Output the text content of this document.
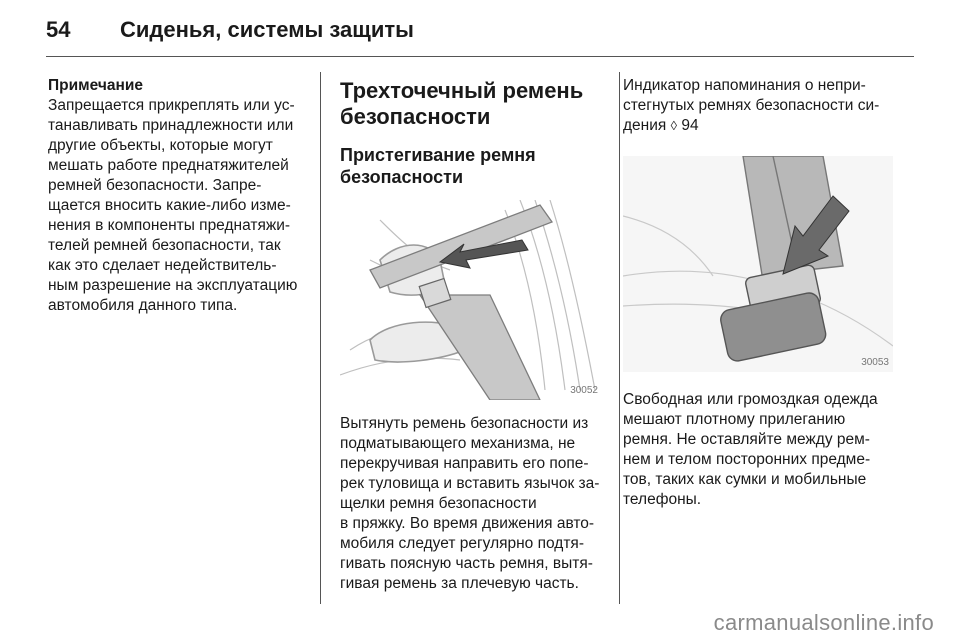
54	Сиденья, системы защиты

Примечание

Запрещается прикреплять или ус‐
танавливать принадлежности или
другие объекты, которые могут
мешать работе преднатяжителей
ремней безопасности. Запре‐
щается вносить какие-либо изме‐
нения в компоненты преднатяжи‐
телей ремней безопасности, так
как это сделает недействитель‐
ным разрешение на эксплуатацию
автомобиля данного типа.

Трехточечный ремень
безопасности
Пристегивание ремня
безопасности
30052

Вытянуть ремень безопасности из
подматывающего механизма, не
перекручивая направить его попе‐
рек туловища и вставить язычок за‐
щелки ремня безопасности
в пряжку. Во время движения авто‐
мобиля следует регулярно подтя‐
гивать поясную часть ремня, вытя‐
гивая ремень за плечевую часть.

Индикатор напоминания о непри‐
стегнутых ремнях безопасности си‐
дения ◊ 94

30053

Свободная или громоздкая одежда
мешают плотному прилеганию
ремня. Не оставляйте между рем‐
нем и телом посторонних предме‐
тов, таких как сумки и мобильные
телефоны.

carmanualsonline.info
